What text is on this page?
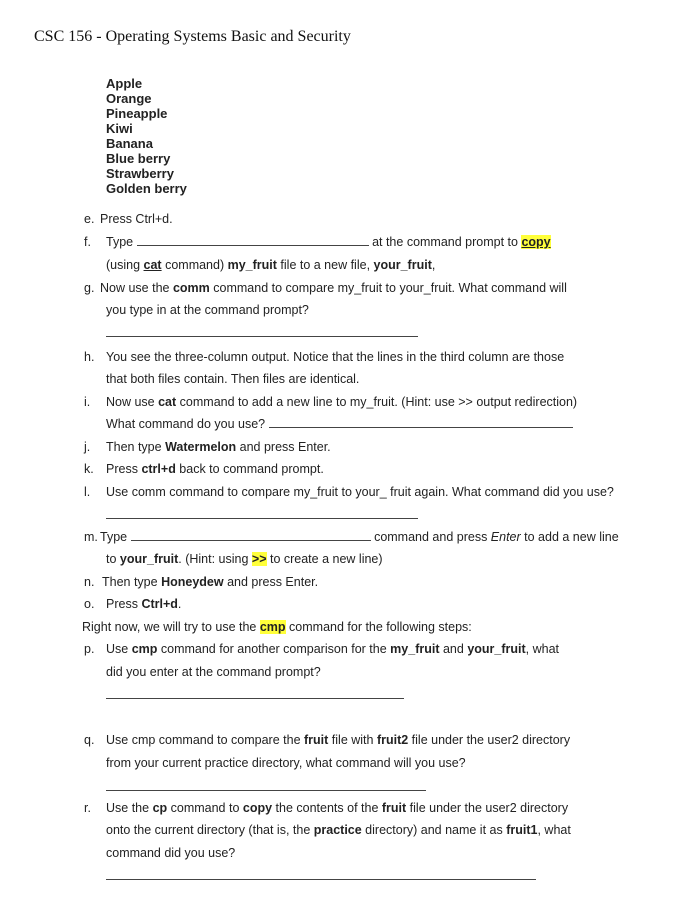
CSC 156 - Operating Systems Basic and Security
Apple
Orange
Pineapple
Kiwi
Banana
Blue berry
Strawberry
Golden berry
e. Press Ctrl+d.
f. Type	at the command prompt to copy
(using cat command) my_fruit file to a new file, your_fruit,
g. Now use the comm command to compare my_fruit to your_fruit. What command will
you type in at the command prompt?
h. You see the three-column output. Notice that the lines in the third column are those
that both files contain. Then files are identical.
i. Now use cat command to add a new line to my_fruit. (Hint: use >> output redirection)
What command do you use?
j. Then type Watermelon and press Enter.
k. Press ctrl+d back to command prompt.
l. Use comm command to compare my_fruit to your_ fruit again. What command did you use?
m. Type	command and press Enter to add a new line
to your_fruit. (Hint: using >> to create a new line)
n. Then type Honeydew and press Enter.
o. Press Ctrl+d.
Right now, we will try to use the cmp command for the following steps:
p. Use cmp command for another comparison for the my_fruit and your_fruit, what
did you enter at the command prompt?
q. Use cmp command to compare the fruit file with fruit2 file under the user2 directory
from your current practice directory, what command will you use?
r. Use the cp command to copy the contents of the fruit file under the user2 directory
onto the current directory (that is, the practice directory) and name it as fruit1, what
command did you use?
